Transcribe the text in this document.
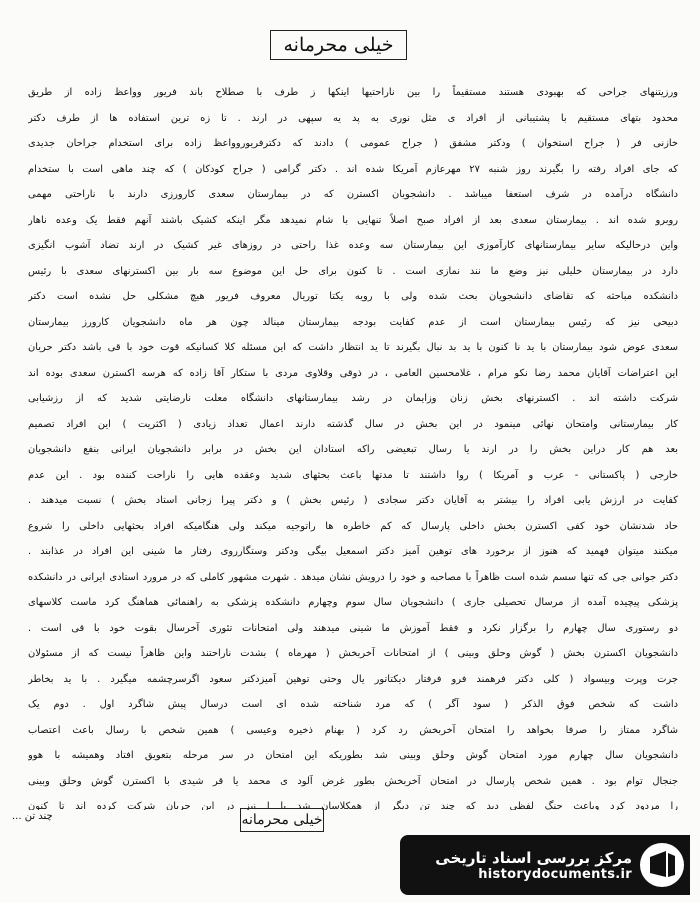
خیلی محرمانه
ورزیتنهای جراحی که بهبودی هستند مستقیماً را بین ناراحتیها اینکها ز طرف با صطلاح باند فریور وواعظ زاده از طریق
محدود بتهای مستقیم با پشتیبانی از افراد ی مثل نوری به پد یه سپهی در ارند . تا زه ترین استفاده ها از طرف دکتر
خازنی فر ( جراح استخوان ) ودکتر مشفق ( جراح عمومی ) دادند که دکترفریوروواعظ زاده برای استخدام جراحان جدیدی
که جای افراد رفته را بگیرند روز شنبه ۲۷ مهرعازم آمریکا شده اند . دکتر گرامی ( جراح کودکان ) که چند ماهی است با ستخدام
دانشگاه درآمده در شرف استعفا میباشد . دانشجویان اکسترن که در بیمارستان سعدی کارورزی دارند با ناراحتی مهمی
روبرو شده اند . بیمارستان سعدی بعد از افراد صبح اصلاً تنهایی با شام نمیدهد مگر اینکه کشیک باشند آنهم فقط یک وعده ناهار
واین درحالیکه سایر بیمارستانهای کارآموزی این بیمارستان سه وعده غذا راحتی در روزهای غیر کشیک در ارند تضاد آشوب انگیزی
دارد در بیمارستان خلیلی نیز وضع ما نند نمازی است . تا کنون برای حل این موضوع سه بار بین اکسترنهای سعدی با رئیس
دانشکده مباحثه که تقاضای دانشجویان بحث شده ولی با رویه یکتا توریال معروف فریور هیچ مشکلی حل نشده است دکتر
دبیحی نیز که رئیس بیمارستان است از عدم کفایت بودجه بیمارستان مینالد چون هر ماه دانشجویان کارورز بیمارستان
سعدی عوض شود بیمارستان با ید نا کنون با ید بد نبال بگیرند تا ید انتظار داشت که این مسئله کلا کسانیکه قوت خود با قی باشد دکتر حریان
این اعتراضات آقایان محمد رضا نکو مرام ، غلامحسین العامی ، در ذوقی وقلاوی مردی با ستکار آقا زاده که هرسه اکسترن سعدی بوده اند
شرکت داشته اند . اکسترنهای بخش زنان وزایمان در رشد بیمارستانهای دانشگاه معلت نارضایتی شدید که از رزشیابی
کار بیمارستانی وامتحان نهائی مینمود در این بخش در سال گذشته دارند اعمال تعداد زیادی ( اکثریت ) این افراد تصمیم
بعد هم کار دراین بخش را در ارند یا رسال تبعیضی راکه استادان این بخش در برابر دانشجویان ایرانی بنفع دانشجویان
خارجی ( پاکستانی - عرب و آمریکا ) روا داشتند تا مدتها باعث بحثهای شدید وعقده هایی را ناراحت کننده بود . این عدم
کفایت در ارزش یابی افراد را بیشتر به آقایان دکتر سجادی ( رئیس بخش ) و دکتر پیرا زجانی استاد بخش ) نسبت میدهند .
حاد شدنشان خود کفی اکسترن بخش داخلی پارسال که کم خاطره ها راتوجیه میکند ولی هنگامیکه افراد بحثهایی داخلی را شروع
میکنند میتوان فهمید که هنوز از برخورد های توهین آمیز دکتر اسمعیل بیگی ودکتر وستگارروی رفتار ما شینی این افراد در عذابند .
دکتر جوانی جی که تنها سسم شده است ظاهراً با مصاحبه و خود را درویش نشان میدهد . شهرت مشهور کاملی که در مرورد استادی ایرانی در دانشکده
پزشکی پیچیده آمده از مرسال تحصیلی جاری ) دانشجویان سال سوم وچهارم دانشکده پزشکی به راهنمائی هماهنگ کرد ماست کلاسهای
دو رستوری سال چهارم را برگزار نکرد و فقط آموزش ما شینی میدهند ولی امتحانات تئوری آخرسال بقوت خود با قی است .
دانشجویان اکسترن بخش ( گوش وحلق وبینی ) از امتحانات آخربخش ( مهرماه ) بشدت ناراحتند واین ظاهراً نیست که از مسئولان
جرت وپرت وبیسواد ( کلی دکتر فرهمند فرو فرفتار دیکتاتور یال وحتی توهین آمیزدکتر سعود اگرسرچشمه میگیرد . با ید بخاطر
داشت که شخص فوق الذکر ( سود آگر ) که مرد شناخته شده ای است درسال پیش شاگرد اول . دوم یک
شاگرد ممتاز را صرفا بخواهد را امتحان آخربخش رد کرد ( بهنام ذخیره وعیسی ) همین شخص با رسال باعث اعتصاب
دانشجویان سال چهارم مورد امتحان گوش وحلق وبینی شد بطوریکه این امتحان در سر مرحله بتعویق افتاد وهمیشه با هوو
جنجال توام بود . همین شخص پارسال در امتحان آخربخش بطور غرض آلود ی محمد یا قر شیدی با اکسترن گوش وحلق وبینی
را مردود کرد وباعث جنگ لفظی دید که چند تن دیگر از همکلاسان شد یا ا نیز در این جریان شرکت کرده اند تا کنون
چند تن ...	خیلی محرمانه
مرکز بررسی اسناد تاریخی
historydocuments.ir
